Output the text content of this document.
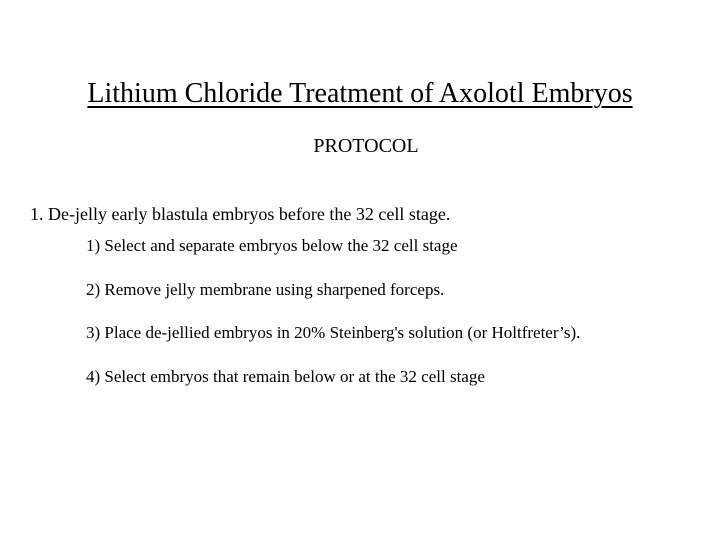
Lithium Chloride Treatment of Axolotl Embryos
PROTOCOL
1. De-jelly early blastula embryos before the 32 cell stage.
1) Select and separate embryos below the 32 cell stage
2) Remove jelly membrane using sharpened forceps.
3) Place de-jellied embryos in 20% Steinberg's solution (or Holtfreter’s).
4) Select embryos that remain below or at the 32 cell stage
